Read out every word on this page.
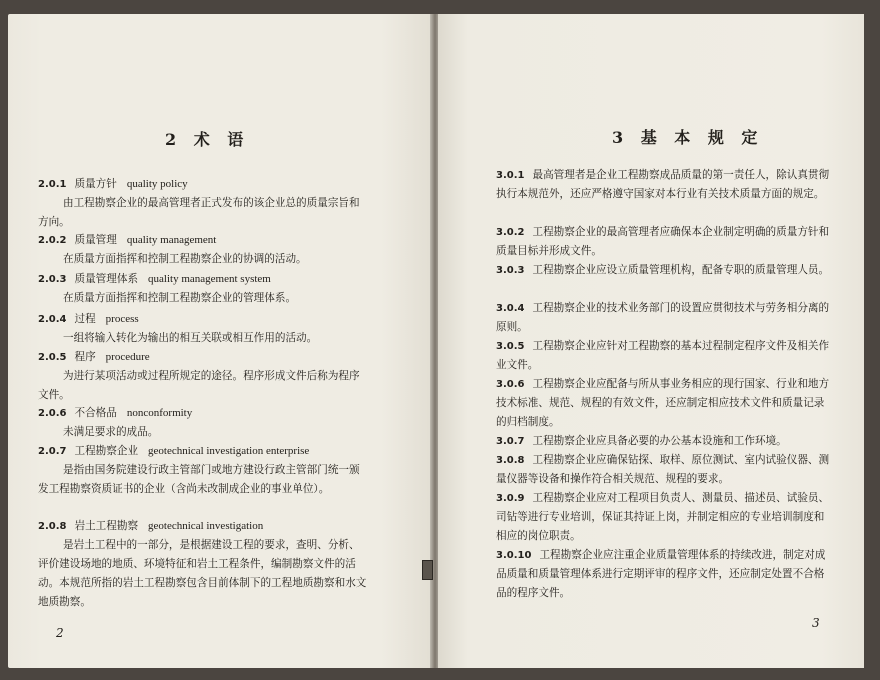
2 术 语
2.0.1 质量方针 quality policy
由工程勘察企业的最高管理者正式发布的该企业总的质量宗旨和方向。
2.0.2 质量管理 quality management
在质量方面指挥和控制工程勘察企业的协调的活动。
2.0.3 质量管理体系 quality management system
在质量方面指挥和控制工程勘察企业的管理体系。
2.0.4 过程 process
一组将输入转化为输出的相互关联或相互作用的活动。
2.0.5 程序 procedure
为进行某项活动或过程所规定的途径。程序形成文件后称为程序文件。
2.0.6 不合格品 nonconformity
未满足要求的成品。
2.0.7 工程勘察企业 geotechnical investigation enterprise
是指由国务院建设行政主管部门或地方建设行政主管部门统一颁发工程勘察资质证书的企业（含尚未改制成企业的事业单位）。
2.0.8 岩土工程勘察 geotechnical investigation
是岩土工程中的一部分，是根据建设工程的要求，查明、分析、评价建设场地的地质、环境特征和岩土工程条件，编制勘察文件的活动。本规范所指的岩土工程勘察包含目前体制下的工程地质勘察和水文地质勘察。
2
3 基 本 规 定
3.0.1 最高管理者是企业工程勘察成品质量的第一责任人，除认真贯彻执行本规范外，还应严格遵守国家对本行业有关技术质量方面的规定。
3.0.2 工程勘察企业的最高管理者应确保本企业制定明确的质量方针和质量目标并形成文件。
3.0.3 工程勘察企业应设立质量管理机构，配备专职的质量管理人员。
3.0.4 工程勘察企业的技术业务部门的设置应贯彻技术与劳务相分离的原则。
3.0.5 工程勘察企业应针对工程勘察的基本过程制定程序文件及相关作业文件。
3.0.6 工程勘察企业应配备与所从事业务相应的现行国家、行业和地方技术标准、规范、规程的有效文件，还应制定相应技术文件和质量记录的归档制度。
3.0.7 工程勘察企业应具备必要的办公基本设施和工作环境。
3.0.8 工程勘察企业应确保钻探、取样、原位测试、室内试验仪器、测量仪器等设备和操作符合相关规范、规程的要求。
3.0.9 工程勘察企业应对工程项目负责人、测量员、描述员、试验员、司钻等进行专业培训，保证其持证上岗，并制定相应的专业培训制度和相应的岗位职责。
3.0.10 工程勘察企业应注重企业质量管理体系的持续改进，制定对成品质量和质量管理体系进行定期评审的程序文件，还应制定处置不合格品的程序文件。
3
